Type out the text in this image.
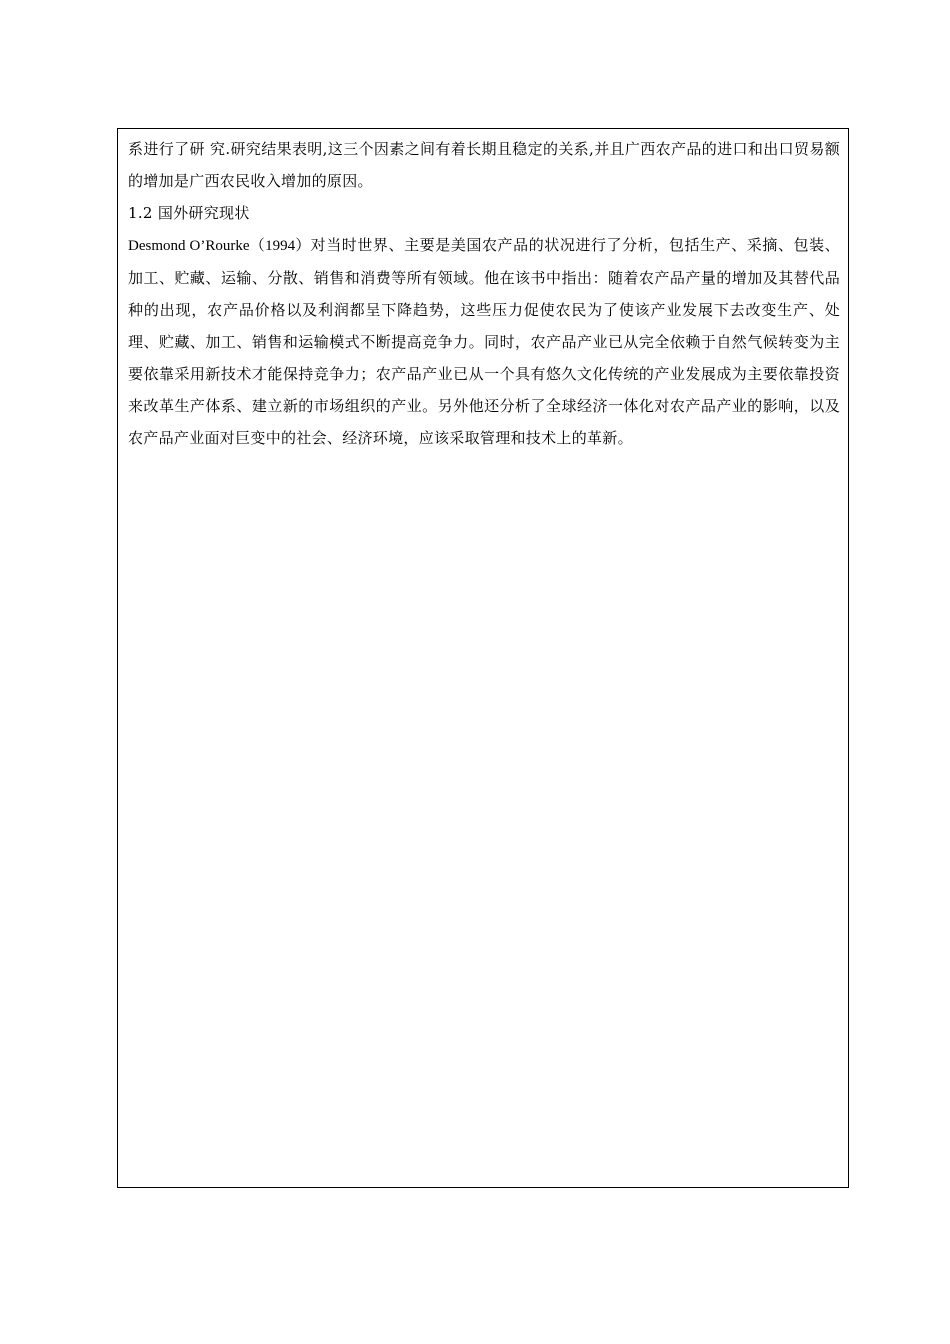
系进行了研 究.研究结果表明,这三个因素之间有着长期且稳定的关系,并且广西农产品的进口和出口贸易额的增加是广西农民收入增加的原因。

1.2 国外研究现状

Desmond O’Rourke（1994）对当时世界、主要是美国农产品的状况进行了分析，包括生产、采摘、包装、加工、贮藏、运输、分散、销售和消费等所有领域。他在该书中指出：随着农产品产量的增加及其替代品种的出现，农产品价格以及利润都呈下降趋势，这些压力促使农民为了使该产业发展下去改变生产、处理、贮藏、加工、销售和运输模式不断提高竞争力。同时，农产品产业已从完全依赖于自然气候转变为主要依靠采用新技术才能保持竞争力；农产品产业已从一个具有悠久文化传统的产业发展成为主要依靠投资来改革生产体系、建立新的市场组织的产业。另外他还分析了全球经济一体化对农产品产业的影响，以及农产品产业面对巨变中的社会、经济环境，应该采取管理和技术上的革新。
